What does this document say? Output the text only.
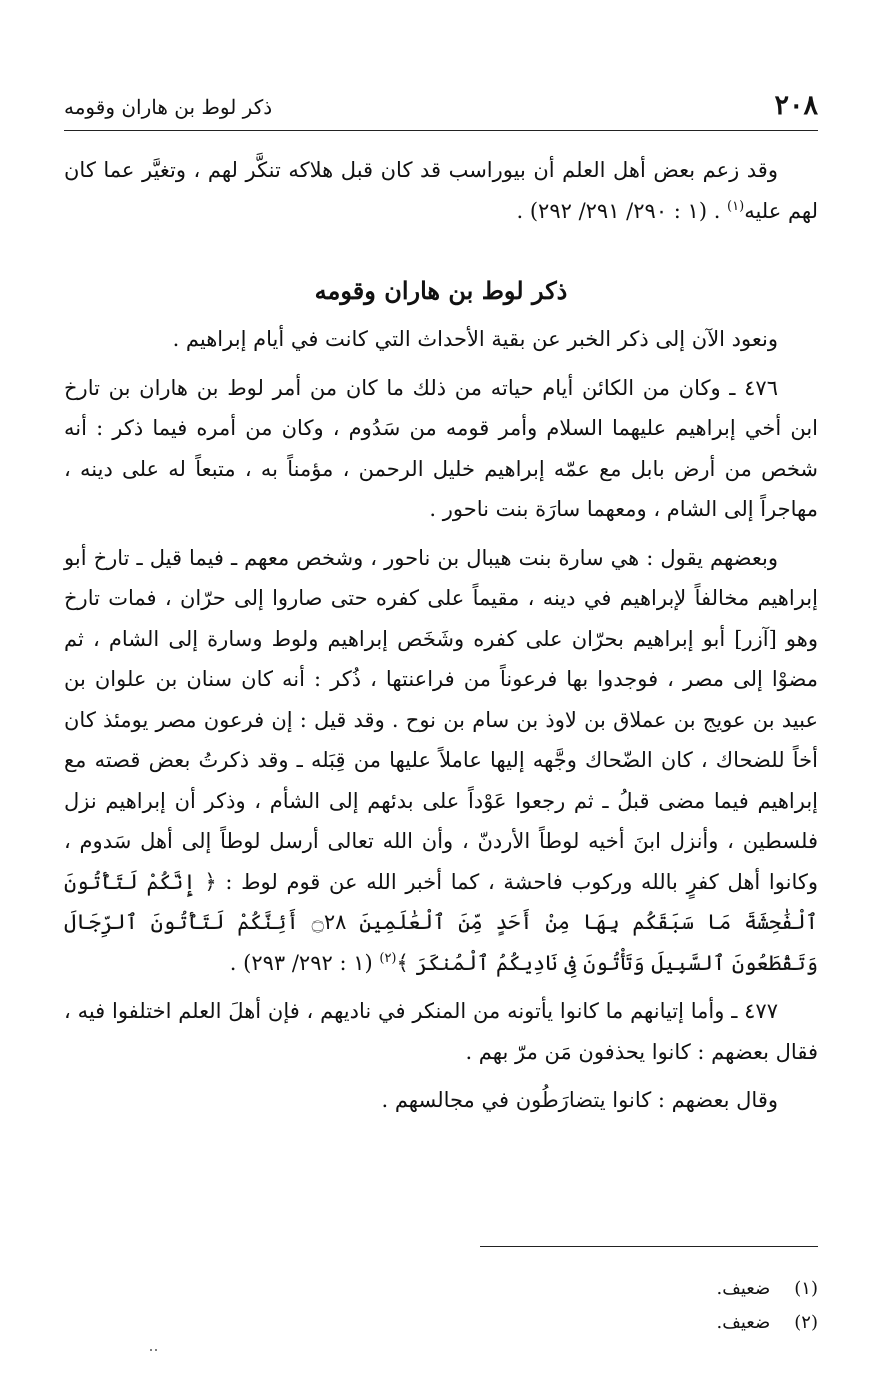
٢٠٨
ذكر لوط بن هاران وقومه

وقد زعم بعض أهل العلم أن بيوراسب قد كان قبل هلاكه تنكَّر لهم ، وتغيَّر عما كان لهم عليه$^{(١)}$ . (١ : ٢٩٠/ ٢٩١/ ٢٩٢) .

ذكر لوط بن هاران وقومه

ونعود الآن إلى ذكر الخبر عن بقية الأحداث التي كانت في أيام إبراهيم .

٤٧٦ ـ وكان من الكائن أيام حياته من ذلك ما كان من أمر لوط بن هاران بن تارخ ابن أخي إبراهيم عليهما السلام وأمر قومه من سَدُوم ، وكان من أمره فيما ذكر : أنه شخص من أرض بابل مع عمّه إبراهيم خليل الرحمن ، مؤمناً به ، متبعاً له على دينه ، مهاجراً إلى الشام ، ومعهما سارَة بنت ناحور .

وبعضهم يقول : هي سارة بنت هيبال بن ناحور ، وشخص معهم ـ فيما قيل ـ تارخ أبو إبراهيم مخالفاً لإبراهيم في دينه ، مقيماً على كفره حتى صاروا إلى حرّان ، فمات تارخ وهو [آزر] أبو إبراهيم بحرّان على كفره وشَخَص إبراهيم ولوط وسارة إلى الشام ، ثم مضوْا إلى مصر ، فوجدوا بها فرعوناً من فراعنتها ، ذُكر : أنه كان سنان بن علوان بن عبيد بن عويج بن عملاق بن لاوذ بن سام بن نوح . وقد قيل : إن فرعون مصر يومئذ كان أخاً للضحاك ، كان الضّحاك وجَّهه إليها عاملاً عليها من قِبَله ـ وقد ذكرتُ بعض قصته مع إبراهيم فيما مضى قبلُ ـ ثم رجعوا عَوْداً على بدئهم إلى الشأم ، وذكر أن إبراهيم نزل فلسطين ، وأنزل ابنَ أخيه لوطاً الأردنّ ، وأن الله تعالى أرسل لوطاً إلى أهل سَدوم ، وكانوا أهل كفرٍ بالله وركوب فاحشة ، كما أخبر الله عن قوم لوط : ﴿ إِنَّكُمْ لَتَأْتُونَ ٱلْفَٰحِشَةَ مَا سَبَقَكُم بِهَا مِنْ أَحَدٍ مِّنَ ٱلْعَٰلَمِينَ ۝٢٨ أَئِنَّكُمْ لَتَأْتُونَ ٱلرِّجَالَ وَتَقْطَعُونَ ٱلسَّبِيلَ وَتَأْتُونَ فِى نَادِيكُمُ ٱلْمُنكَرَ ﴾$^{(٢)}$ (١ : ٢٩٢/ ٢٩٣) .

٤٧٧ ـ وأما إتيانهم ما كانوا يأتونه من المنكر في ناديهم ، فإن أهلَ العلم اختلفوا فيه ، فقال بعضهم : كانوا يحذفون مَن مرّ بهم .

وقال بعضهم : كانوا يتضارَطُون في مجالسهم .

(١) ضعيف.
(٢) ضعيف.
